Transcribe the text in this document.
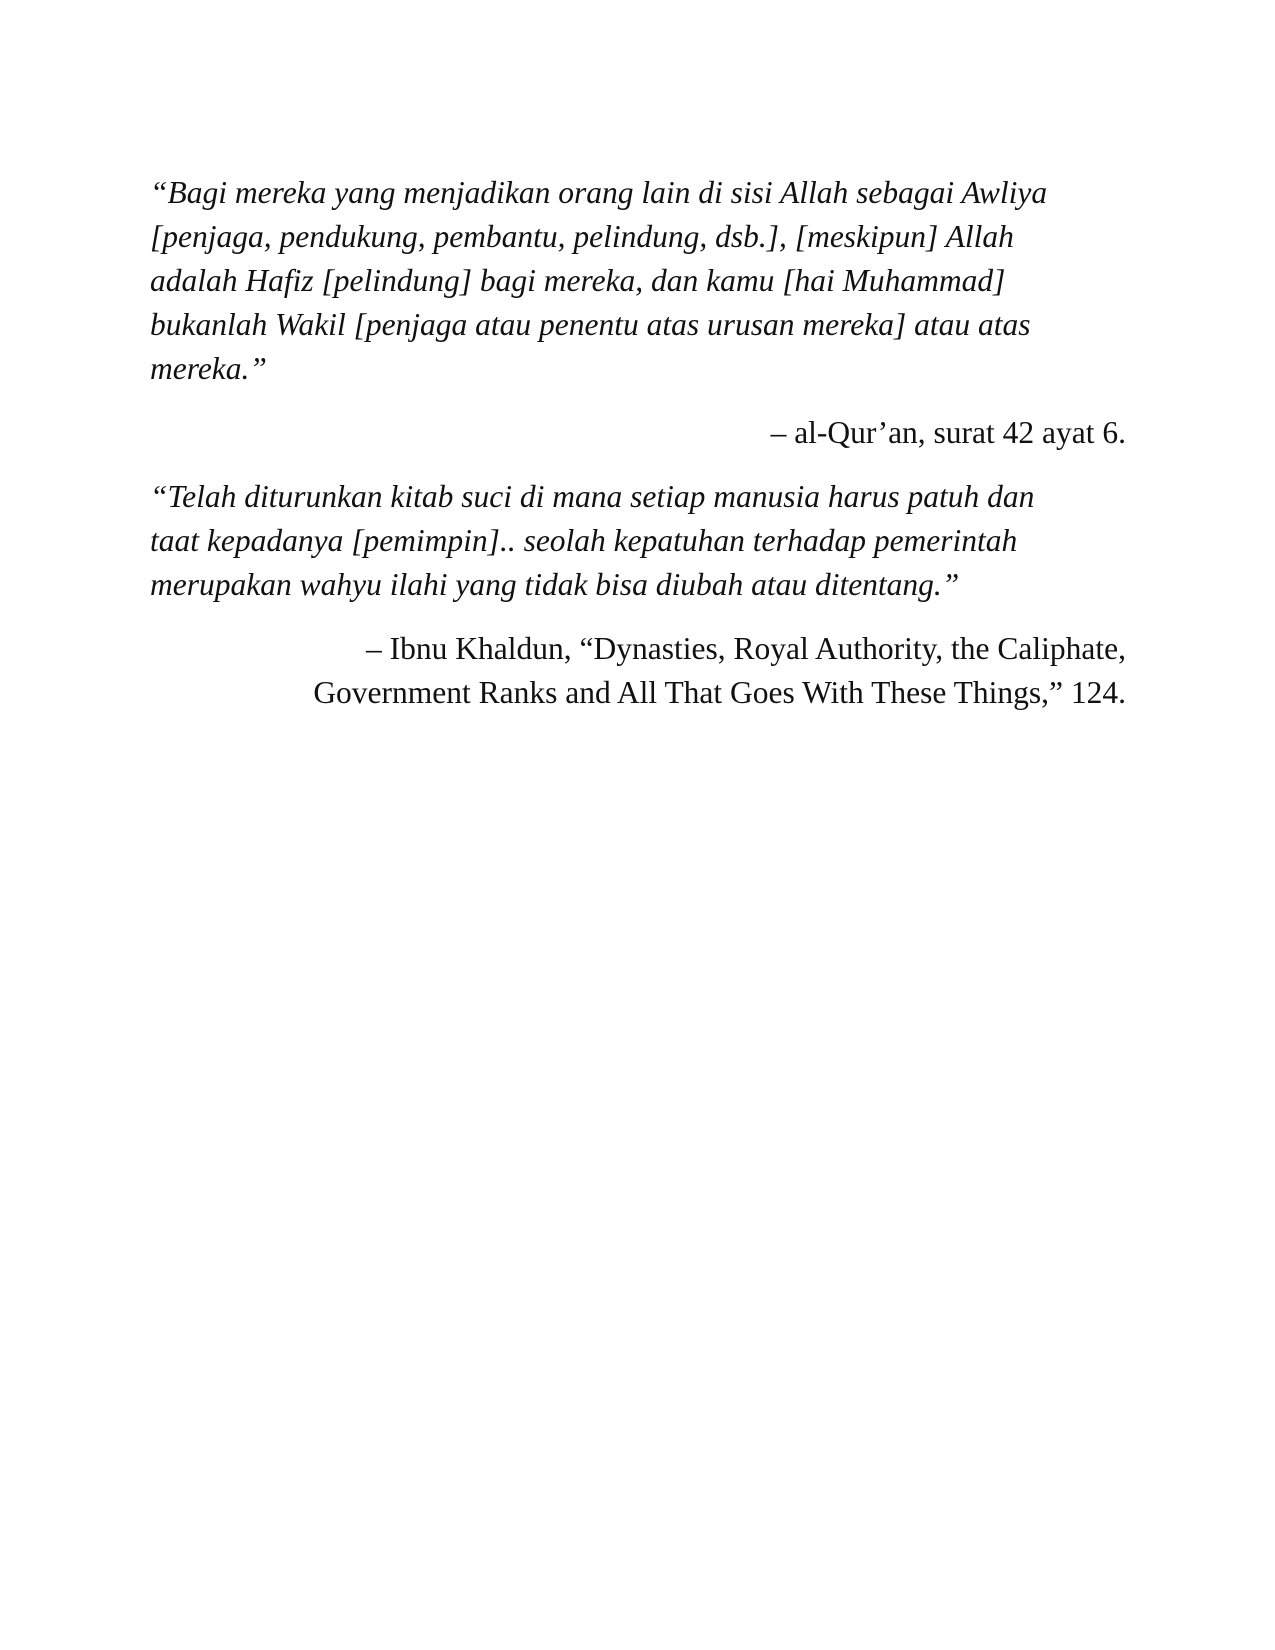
“Bagi mereka yang menjadikan orang lain di sisi Allah sebagai Awliya
[penjaga, pendukung, pembantu, pelindung, dsb.], [meskipun] Allah
adalah Hafiz [pelindung] bagi mereka, dan kamu [hai Muhammad]
bukanlah Wakil [penjaga atau penentu atas urusan mereka] atau atas
mereka.”

– al-Qur’an, surat 42 ayat 6.

“Telah diturunkan kitab suci di mana setiap manusia harus patuh dan
taat kepadanya [pemimpin].. seolah kepatuhan terhadap pemerintah
merupakan wahyu ilahi yang tidak bisa diubah atau ditentang.”

– Ibnu Khaldun, “Dynasties, Royal Authority, the Caliphate,
Government Ranks and All That Goes With These Things,” 124.
